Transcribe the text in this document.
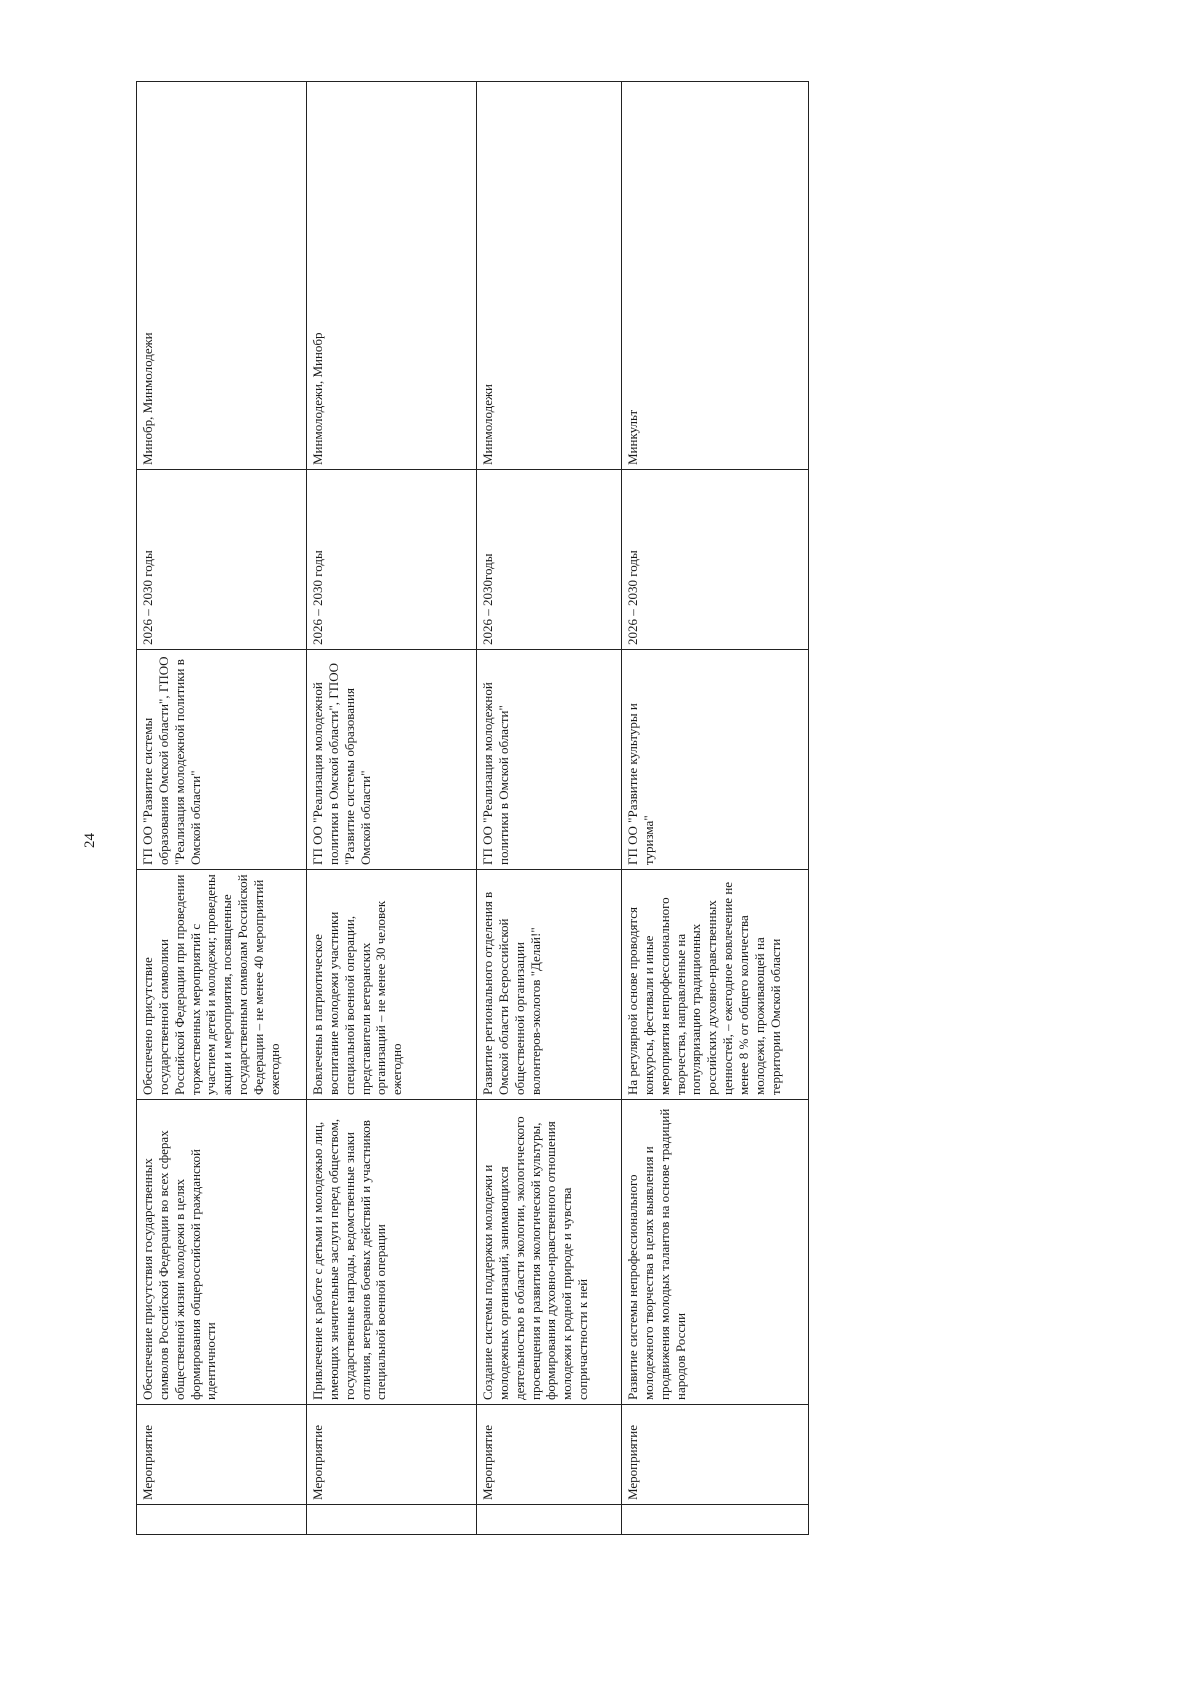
24
	Мероприятие	Обеспечение присутствия государственных символов Российской Федерации во всех сферах общественной жизни молодежи в целях формирования общероссийской гражданской идентичности	Обеспечено присутствие государственной символики Российской Федерации при проведении торжественных мероприятий с участием детей и молодежи; проведены акции и мероприятия, посвященные государственным символам Российской Федерации – не менее 40 мероприятий ежегодно	ГП ОО "Развитие системы образования Омской области", ГПОО "Реализация молодежной политики в Омской области"	2026 – 2030 годы	Минобр, Минмолодежи
	Мероприятие	Привлечение к работе с детьми и молодежью лиц, имеющих значительные заслуги перед обществом, государственные награды, ведомственные знаки отличия, ветеранов боевых действий и участников специальной военной операции	Вовлечены в патриотическое воспитание молодежи участники специальной военной операции, представители ветеранских организаций – не менее 30 человек ежегодно	ГП ОО "Реализация молодежной политики в Омской области", ГПОО "Развитие системы образования Омской области"	2026 – 2030 годы	Минмолодежи, Минобр
	Мероприятие	Создание системы поддержки молодежи и молодежных организаций, занимающихся деятельностью в области экологии, экологического просвещения и развития экологической культуры, формирования духовно-нравственного отношения молодежи к родной природе и чувства сопричастности к ней	Развитие регионального отделения в Омской области Всероссийской общественной организации волонтеров-экологов "Делай!"	ГП ОО "Реализация молодежной политики в Омской области"	2026 – 2030годы	Минмолодежи
	Мероприятие	Развитие системы непрофессионального молодежного творчества в целях выявления и продвижения молодых талантов на основе традиций народов России	На регулярной основе проводятся конкурсы, фестивали и иные мероприятия непрофессионального творчества, направленные на популяризацию традиционных российских духовно-нравственных ценностей, – ежегодное вовлечение не менее 8 % от общего количества молодежи, проживающей на территории Омской области	ГП ОО "Развитие культуры и туризма"	2026 – 2030 годы	Минкульт
